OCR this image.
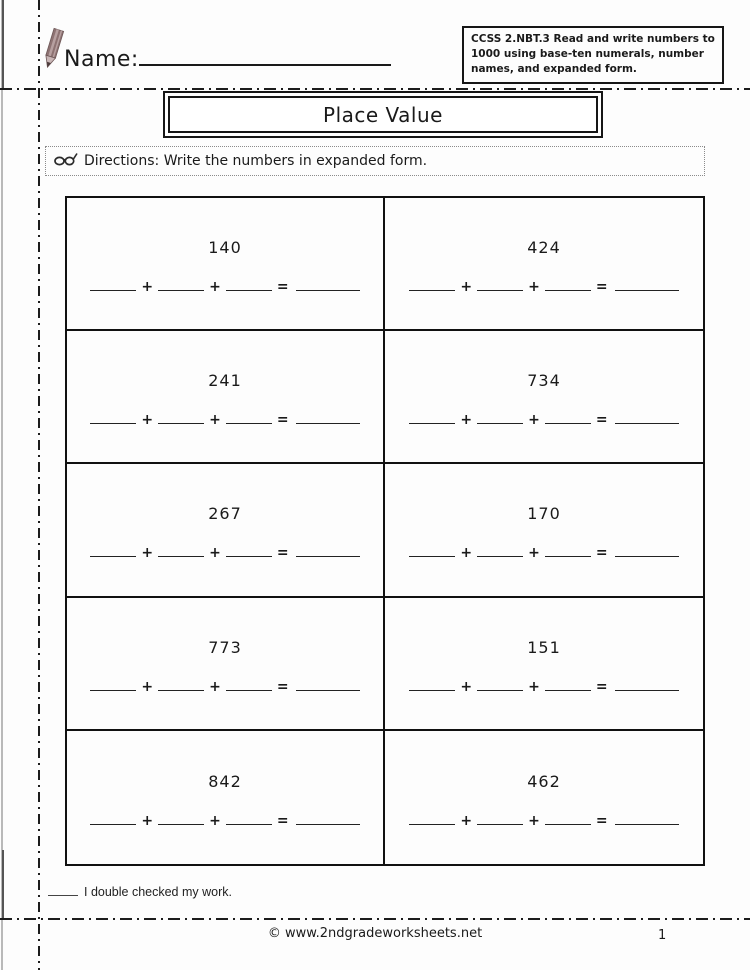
Name:
CCSS 2.NBT.3 Read and write numbers to 1000 using base-ten numerals, number names, and expanded form.
Place Value
Directions: Write the numbers in expanded form.
140
+	+	=
424
+	+	=
241
+	+	=
734
+	+	=
267
+	+	=
170
+	+	=
773
+	+	=
151
+	+	=
842
+	+	=
462
+	+	=
I double checked my work.
© www.2ndgradeworksheets.net	1
